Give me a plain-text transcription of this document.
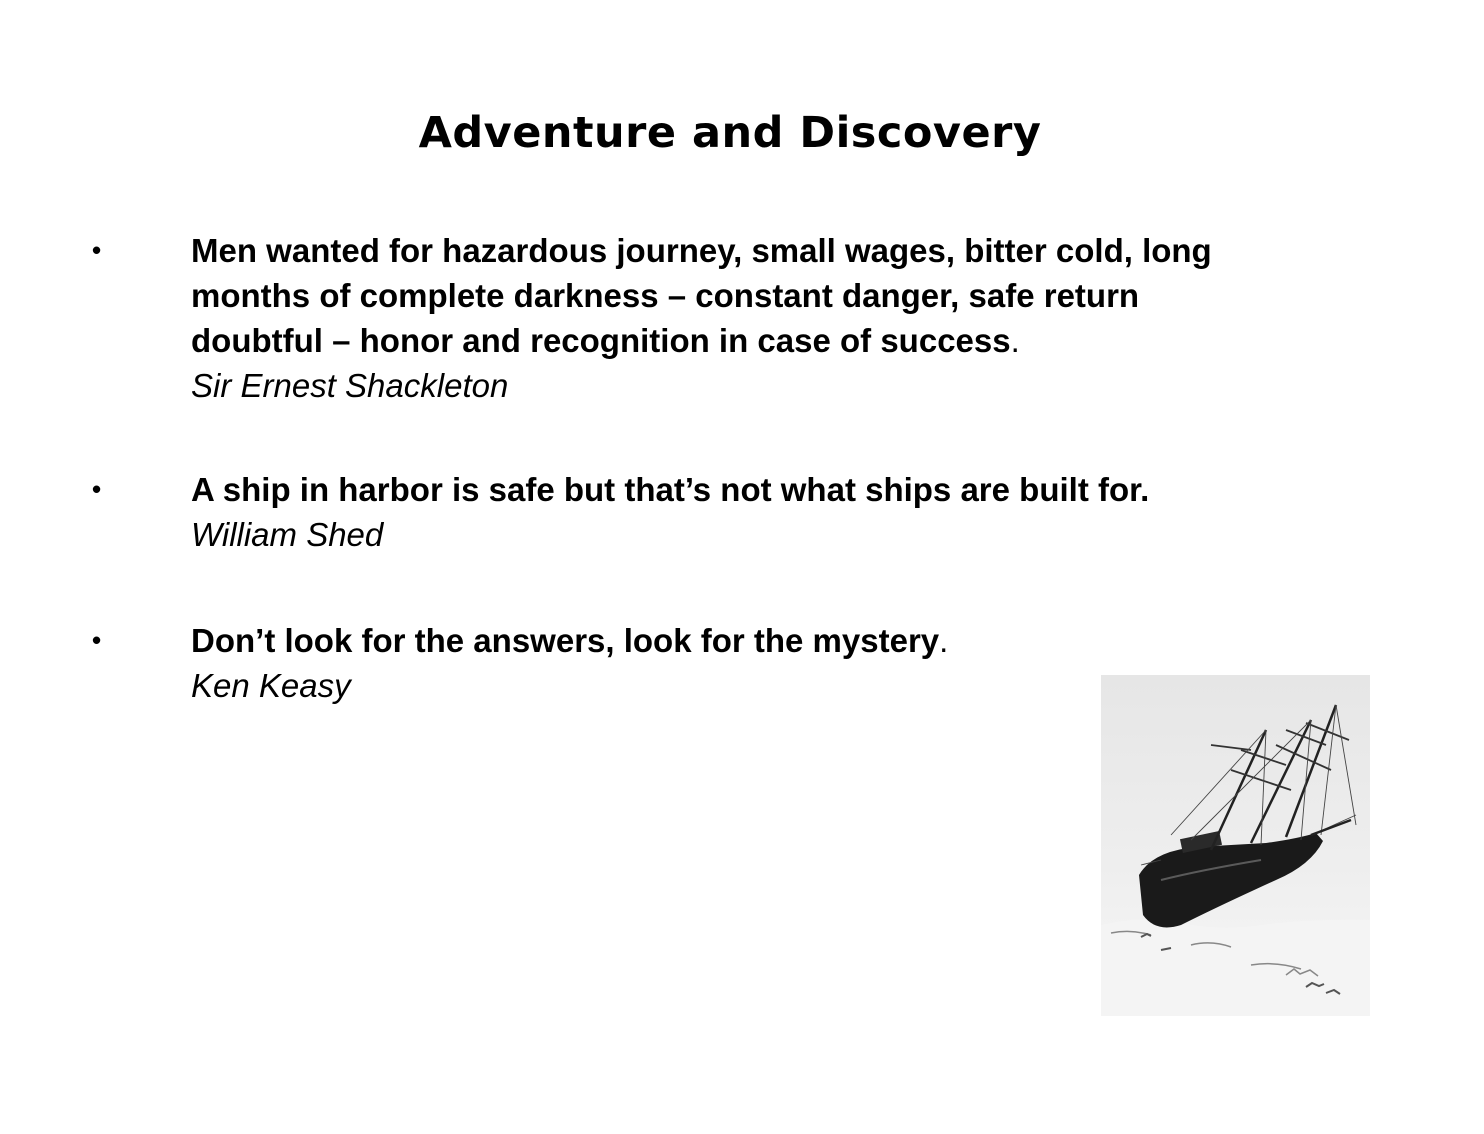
Adventure and Discovery
•	Men wanted for hazardous journey, small wages, bitter cold, long
months of complete darkness – constant danger, safe return
doubtful – honor and recognition in case of success.

Sir Ernest Shackleton

•	A ship in harbor is safe but that’s not what ships are built for.

William Shed

•	Don’t look for the answers, look for the mystery.

Ken Keasy
